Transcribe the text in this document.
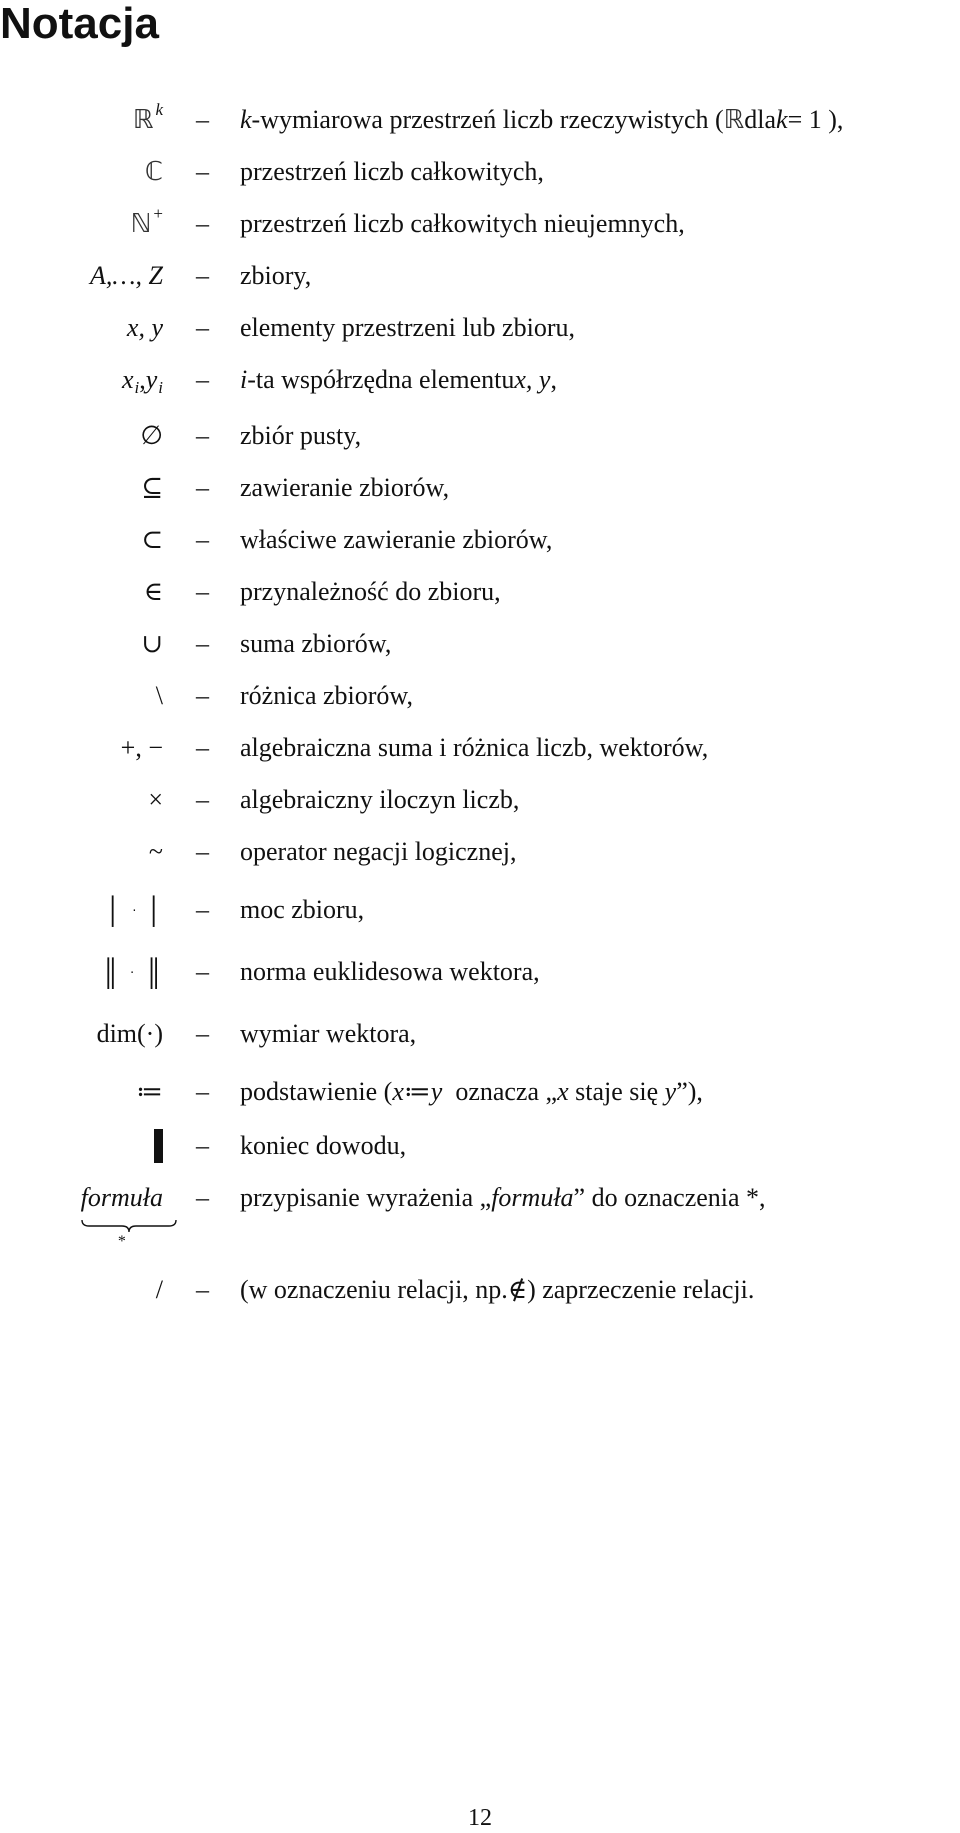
Notacja
ℝ k – k -wymiarowa przestrzeń liczb rzeczywistych ( ℝ dla k = 1 ),
ℂ – przestrzeń liczb całkowitych,
ℕ + – przestrzeń liczb całkowitych nieujemnych,
A,…, Z – zbiory,
x, y – elementy przestrzeni lub zbioru,
x i , y i – i -ta współrzędna elementu x, y ,
∅ – zbiór pusty,
⊆ – zawieranie zbiorów,
⊂ – właściwe zawieranie zbiorów,
∈ – przynależność do zbioru,
∪ – suma zbiorów,
\ – różnica zbiorów,
+, − – algebraiczna suma i różnica liczb, wektorów,
× – algebraiczny iloczyn liczb,
~ – operator negacji logicznej,
│ · │ – moc zbioru,
║ · ║ – norma euklidesowa wektora,
dim(·) – wymiar wektora,
≔ – podstawienie ( x ≔ y oznacza „ x staje się y ”),
– koniec dowodu,
formuła
*
– przypisanie wyrażenia „ formuła ” do oznaczenia *,
/ – (w oznaczeniu relacji, np. ∉ ) zaprzeczenie relacji.
12
